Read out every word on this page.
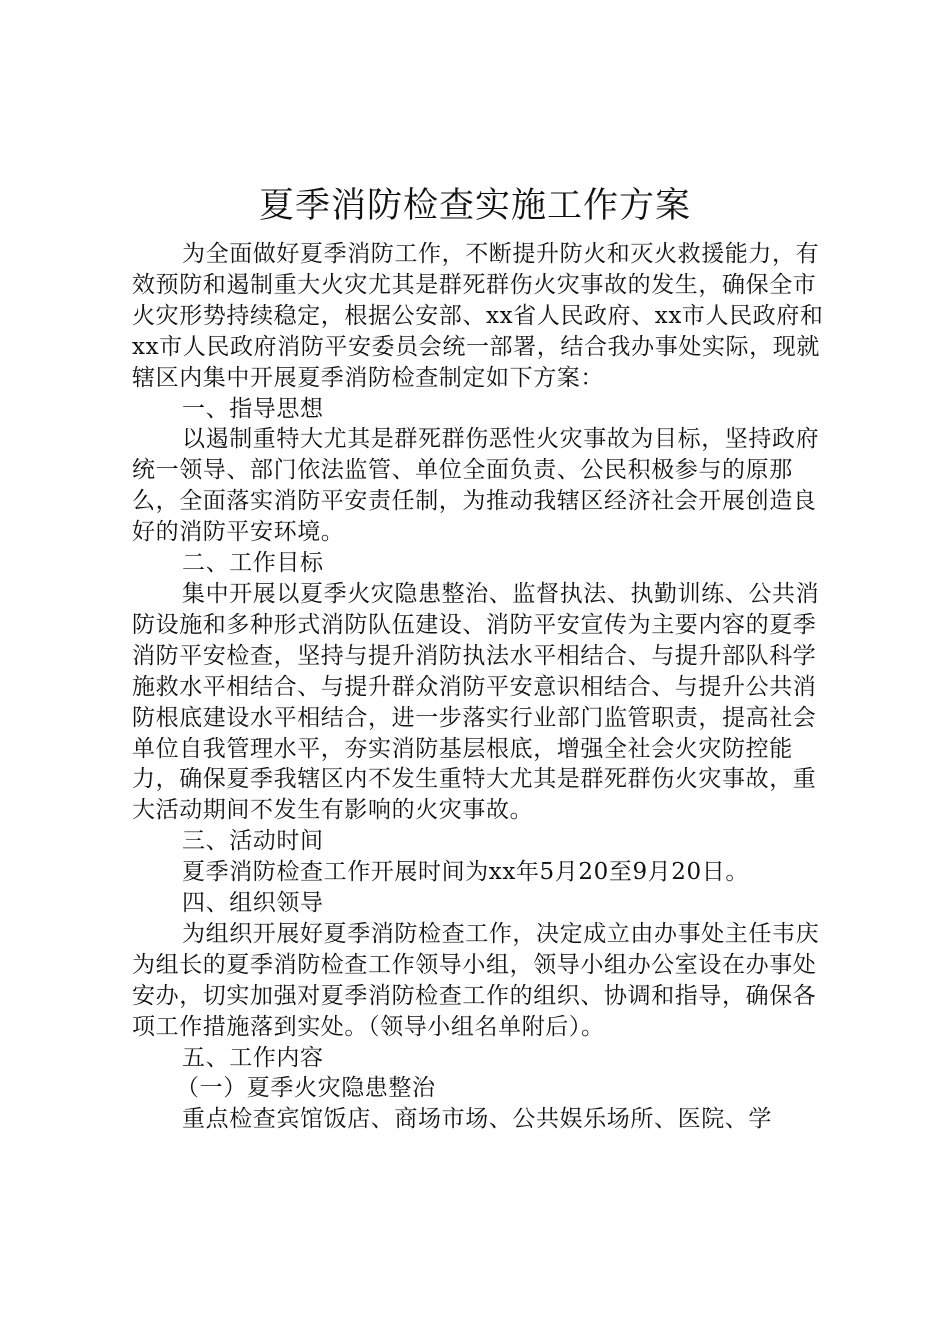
夏季消防检查实施工作方案

为全面做好夏季消防工作，不断提升防火和灭火救援能力，有效预防和遏制重大火灾尤其是群死群伤火灾事故的发生，确保全市火灾形势持续稳定，根据公安部、xx省人民政府、xx市人民政府和xx市人民政府消防平安委员会统一部署，结合我办事处实际，现就辖区内集中开展夏季消防检查制定如下方案：

一、指导思想

以遏制重特大尤其是群死群伤恶性火灾事故为目标，坚持政府统一领导、部门依法监管、单位全面负责、公民积极参与的原那么，全面落实消防平安责任制，为推动我辖区经济社会开展创造良好的消防平安环境。

二、工作目标

集中开展以夏季火灾隐患整治、监督执法、执勤训练、公共消防设施和多种形式消防队伍建设、消防平安宣传为主要内容的夏季消防平安检查，坚持与提升消防执法水平相结合、与提升部队科学施救水平相结合、与提升群众消防平安意识相结合、与提升公共消防根底建设水平相结合，进一步落实行业部门监管职责，提高社会单位自我管理水平，夯实消防基层根底，增强全社会火灾防控能力，确保夏季我辖区内不发生重特大尤其是群死群伤火灾事故，重大活动期间不发生有影响的火灾事故。

三、活动时间

夏季消防检查工作开展时间为xx年5月20至9月20日。

四、组织领导

为组织开展好夏季消防检查工作，决定成立由办事处主任韦庆为组长的夏季消防检查工作领导小组，领导小组办公室设在办事处安办，切实加强对夏季消防检查工作的组织、协调和指导，确保各项工作措施落到实处。（领导小组名单附后）。

五、工作内容

（一）夏季火灾隐患整治

重点检查宾馆饭店、商场市场、公共娱乐场所、医院、学
